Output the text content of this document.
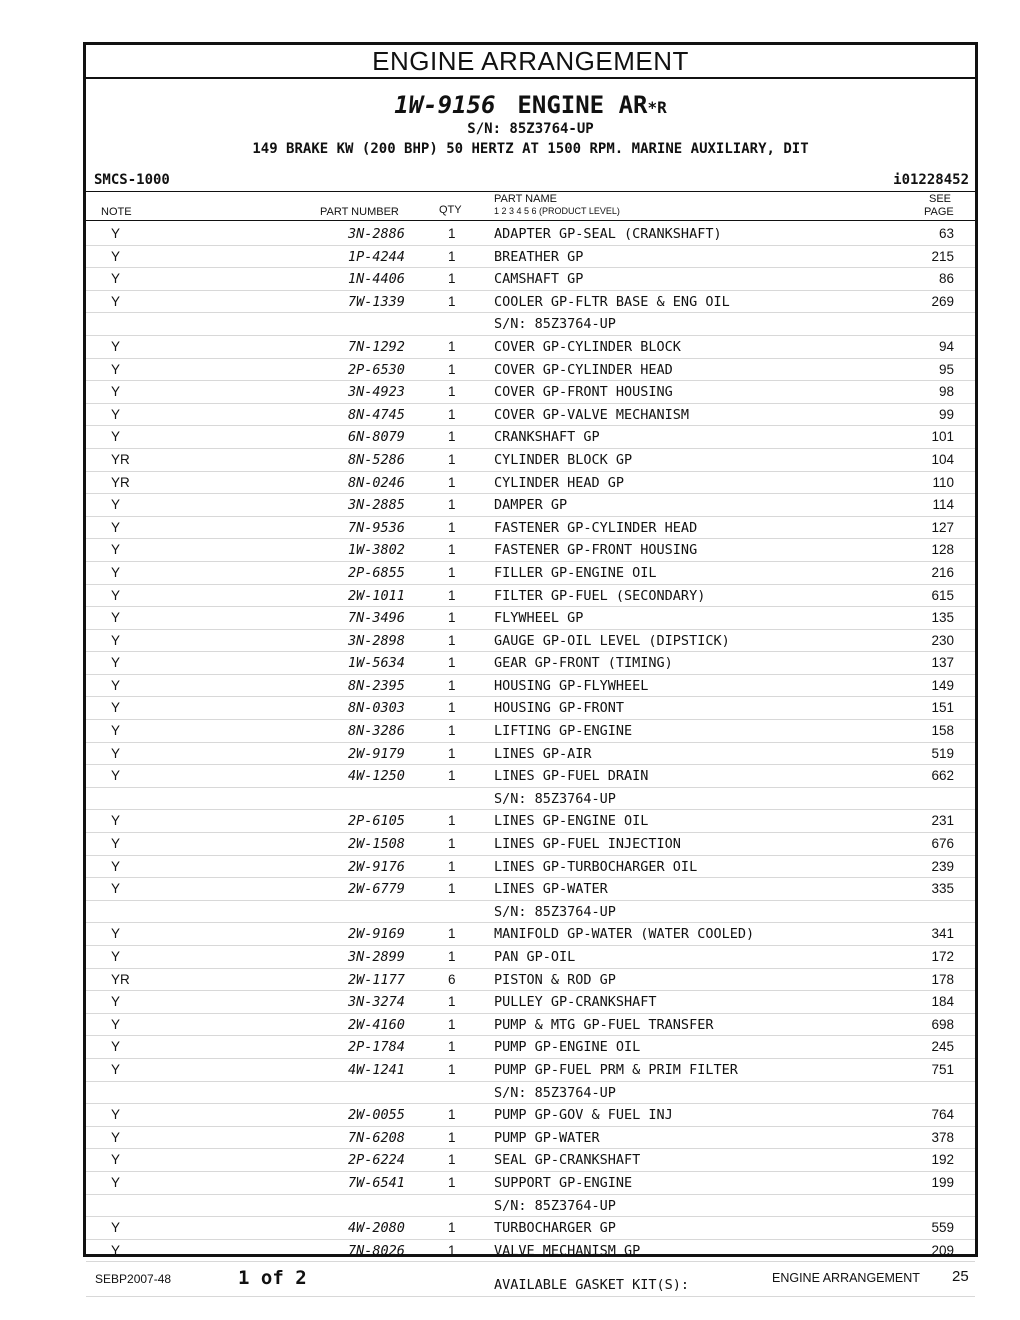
ENGINE ARRANGEMENT
1W-9156 ENGINE AR*R
S/N: 85Z3764-UP
149 BRAKE KW (200 BHP) 50 HERTZ AT 1500 RPM. MARINE AUXILIARY, DIT
SMCS-1000	i01228452
NOTE	PART NUMBER	QTY
PART NAME
1 2 3 4 5 6 (PRODUCT LEVEL)
SEE
PAGE
Y	3N-2886	1	ADAPTER GP-SEAL (CRANKSHAFT)	63
Y	1P-4244	1	BREATHER GP	215
Y	1N-4406	1	CAMSHAFT GP	86
Y	7W-1339	1	COOLER GP-FLTR BASE & ENG OIL	269
S/N: 85Z3764-UP
Y	7N-1292	1	COVER GP-CYLINDER BLOCK	94
Y	2P-6530	1	COVER GP-CYLINDER HEAD	95
Y	3N-4923	1	COVER GP-FRONT HOUSING	98
Y	8N-4745	1	COVER GP-VALVE MECHANISM	99
Y	6N-8079	1	CRANKSHAFT GP	101
YR	8N-5286	1	CYLINDER BLOCK GP	104
YR	8N-0246	1	CYLINDER HEAD GP	110
Y	3N-2885	1	DAMPER GP	114
Y	7N-9536	1	FASTENER GP-CYLINDER HEAD	127
Y	1W-3802	1	FASTENER GP-FRONT HOUSING	128
Y	2P-6855	1	FILLER GP-ENGINE OIL	216
Y	2W-1011	1	FILTER GP-FUEL (SECONDARY)	615
Y	7N-3496	1	FLYWHEEL GP	135
Y	3N-2898	1	GAUGE GP-OIL LEVEL (DIPSTICK)	230
Y	1W-5634	1	GEAR GP-FRONT (TIMING)	137
Y	8N-2395	1	HOUSING GP-FLYWHEEL	149
Y	8N-0303	1	HOUSING GP-FRONT	151
Y	8N-3286	1	LIFTING GP-ENGINE	158
Y	2W-9179	1	LINES GP-AIR	519
Y	4W-1250	1	LINES GP-FUEL DRAIN	662
S/N: 85Z3764-UP
Y	2P-6105	1	LINES GP-ENGINE OIL	231
Y	2W-1508	1	LINES GP-FUEL INJECTION	676
Y	2W-9176	1	LINES GP-TURBOCHARGER OIL	239
Y	2W-6779	1	LINES GP-WATER	335
S/N: 85Z3764-UP
Y	2W-9169	1	MANIFOLD GP-WATER (WATER COOLED)	341
Y	3N-2899	1	PAN GP-OIL	172
YR	2W-1177	6	PISTON & ROD GP	178
Y	3N-3274	1	PULLEY GP-CRANKSHAFT	184
Y	2W-4160	1	PUMP & MTG GP-FUEL TRANSFER	698
Y	2P-1784	1	PUMP GP-ENGINE OIL	245
Y	4W-1241	1	PUMP GP-FUEL PRM & PRIM FILTER	751
S/N: 85Z3764-UP
Y	2W-0055	1	PUMP GP-GOV & FUEL INJ	764
Y	7N-6208	1	PUMP GP-WATER	378
Y	2P-6224	1	SEAL GP-CRANKSHAFT	192
Y	7W-6541	1	SUPPORT GP-ENGINE	199
S/N: 85Z3764-UP
Y	4W-2080	1	TURBOCHARGER GP	559
Y	7N-8026	1	VALVE MECHANISM GP	209
AVAILABLE GASKET KIT(S):
SEBP2007-48	1 of 2	ENGINE ARRANGEMENT 25
